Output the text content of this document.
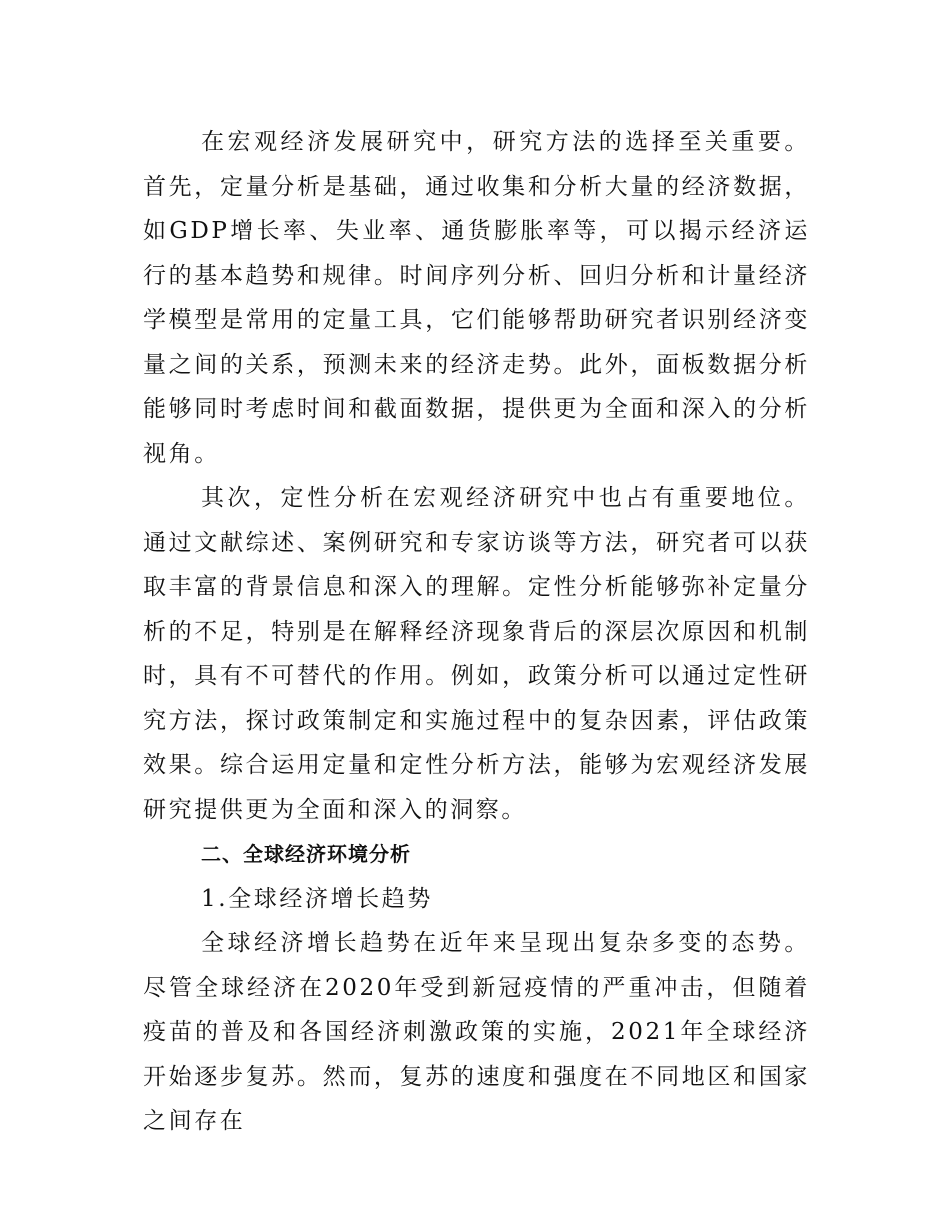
在宏观经济发展研究中，研究方法的选择至关重要。首先，定量分析是基础，通过收集和分析大量的经济数据，如GDP增长率、失业率、通货膨胀率等，可以揭示经济运行的基本趋势和规律。时间序列分析、回归分析和计量经济学模型是常用的定量工具，它们能够帮助研究者识别经济变量之间的关系，预测未来的经济走势。此外，面板数据分析能够同时考虑时间和截面数据，提供更为全面和深入的分析视角。

其次，定性分析在宏观经济研究中也占有重要地位。通过文献综述、案例研究和专家访谈等方法，研究者可以获取丰富的背景信息和深入的理解。定性分析能够弥补定量分析的不足，特别是在解释经济现象背后的深层次原因和机制时，具有不可替代的作用。例如，政策分析可以通过定性研究方法，探讨政策制定和实施过程中的复杂因素，评估政策效果。综合运用定量和定性分析方法，能够为宏观经济发展研究提供更为全面和深入的洞察。

二、全球经济环境分析

1.全球经济增长趋势

全球经济增长趋势在近年来呈现出复杂多变的态势。尽管全球经济在2020年受到新冠疫情的严重冲击，但随着疫苗的普及和各国经济刺激政策的实施，2021年全球经济开始逐步复苏。然而，复苏的速度和强度在不同地区和国家之间存在
